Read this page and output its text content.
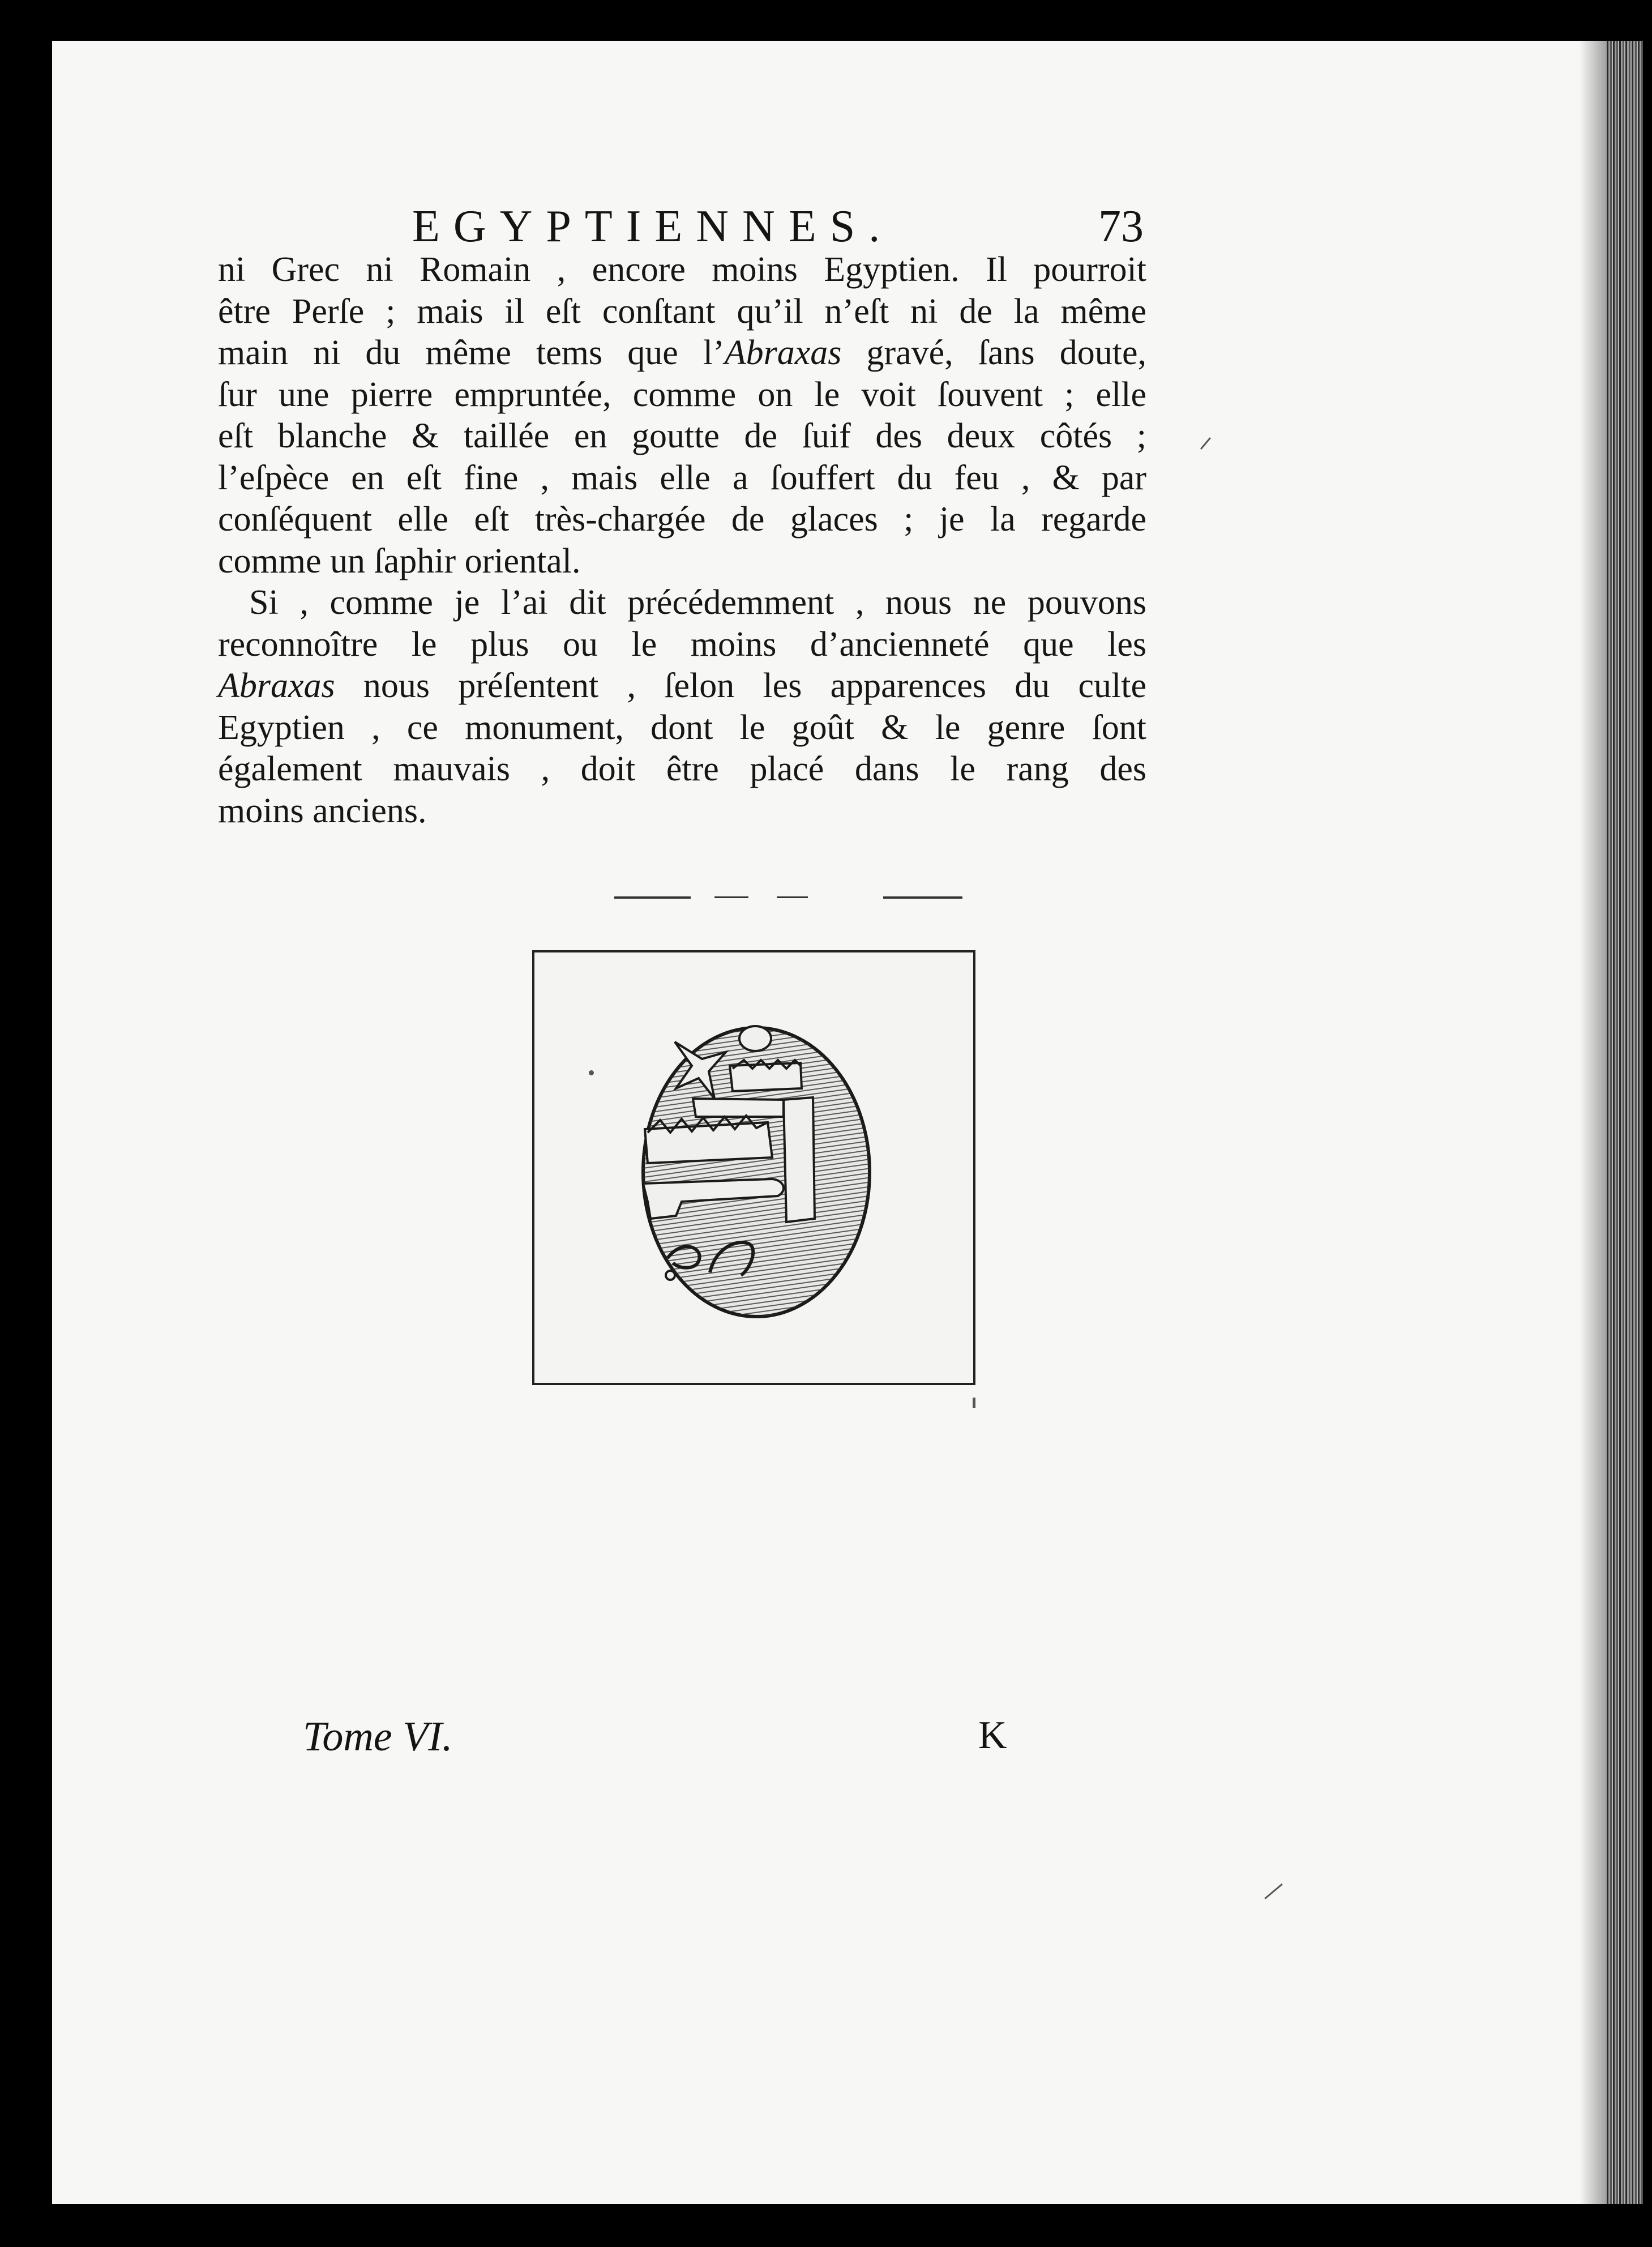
EGYPTIENNES.	73
ni Grec ni Romain , encore moins Egyptien. Il pourroit
être Perſe ; mais il eſt conſtant qu’il n’eſt ni de la même
main ni du même tems que l’Abraxas gravé, ſans doute,
ſur une pierre empruntée, comme on le voit ſouvent ; elle
eſt blanche & taillée en goutte de ſuif des deux côtés ;
l’eſpèce en eſt fine , mais elle a ſouffert du feu , & par
conſéquent elle eſt très-chargée de glaces ; je la regarde
comme un ſaphir oriental.
Si , comme je l’ai dit précédemment , nous ne pouvons
reconnoître le plus ou le moins d’ancienneté que les
Abraxas nous préſentent , ſelon les apparences du culte
Egyptien , ce monument, dont le goût & le genre ſont
également mauvais , doit être placé dans le rang des
moins anciens.
Tome VI.	K
